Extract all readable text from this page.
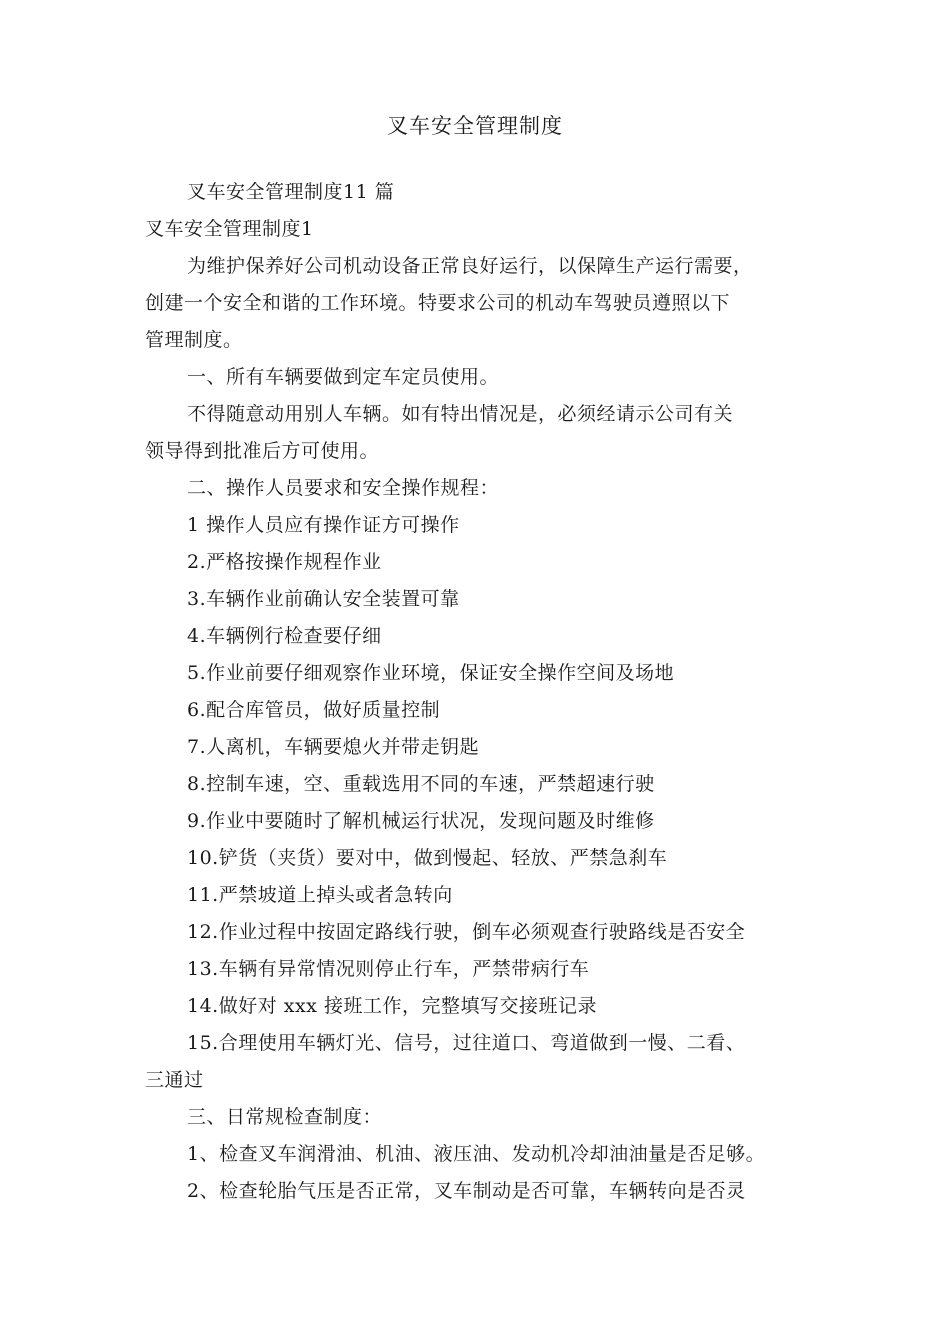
叉车安全管理制度

叉车安全管理制度11 篇

叉车安全管理制度1

为维护保养好公司机动设备正常良好运行，以保障生产运行需要，
创建一个安全和谐的工作环境。特要求公司的机动车驾驶员遵照以下
管理制度。

一、所有车辆要做到定车定员使用。

不得随意动用别人车辆。如有特出情况是，必须经请示公司有关
领导得到批准后方可使用。

二、操作人员要求和安全操作规程：

1 操作人员应有操作证方可操作

2.严格按操作规程作业

3.车辆作业前确认安全装置可靠

4.车辆例行检查要仔细

5.作业前要仔细观察作业环境，保证安全操作空间及场地

6.配合库管员，做好质量控制

7.人离机，车辆要熄火并带走钥匙

8.控制车速，空、重载选用不同的车速，严禁超速行驶

9.作业中要随时了解机械运行状况，发现问题及时维修

10.铲货（夹货）要对中，做到慢起、轻放、严禁急刹车

11.严禁坡道上掉头或者急转向

12.作业过程中按固定路线行驶，倒车必须观查行驶路线是否安全

13.车辆有异常情况则停止行车，严禁带病行车

14.做好对 xxx 接班工作，完整填写交接班记录

15.合理使用车辆灯光、信号，过往道口、弯道做到一慢、二看、
三通过

三、日常规检查制度：

1、检查叉车润滑油、机油、液压油、发动机冷却油油量是否足够。

2、检查轮胎气压是否正常，叉车制动是否可靠，车辆转向是否灵
